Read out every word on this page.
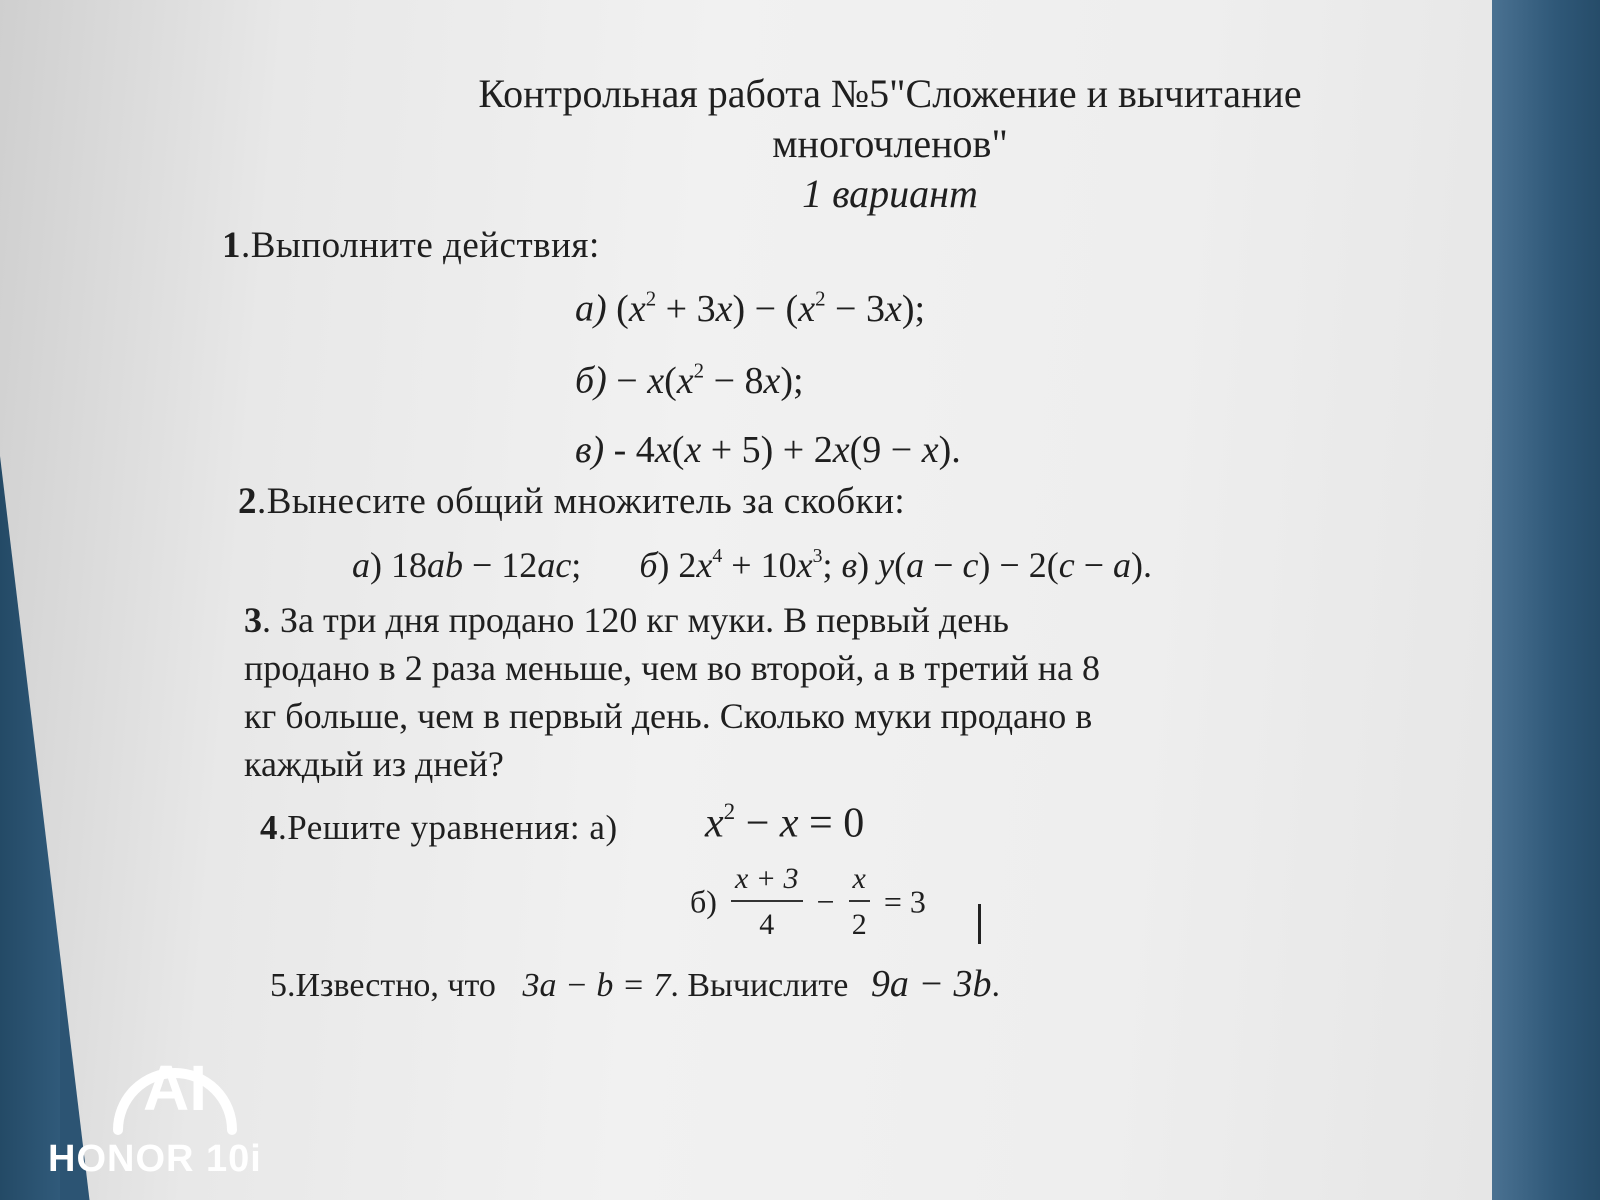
Контрольная работа №5"Сложение и вычитание
многочленов"
1 вариант
1.Выполните действия:
а) $(x^2 + 3x) - (x^2 - 3x)$;
$б) - x(x^2 - 8x)$;
в) - 4x(x + 5) + 2x(9 − x).
2.Вынесите общий множитель за скобки:
а) 18ab − 12ac; б) $2x^4 + 10x^3$; в) y(a − c) − 2(c − a).
3. За три дня продано 120 кг муки. В первый день
продано в 2 раза меньше, чем во второй, а в третий на 8
кг больше, чем в первый день. Сколько муки продано в
каждый из дней?
4.Решите уравнения: а) $x^2 - x = 0$
$б) \frac{x + 3}{4} - \frac{x}{2} = 3$
5.Известно, что 3a − b = 7. Вычислите 9a − 3b.
AI
HONOR 10i
